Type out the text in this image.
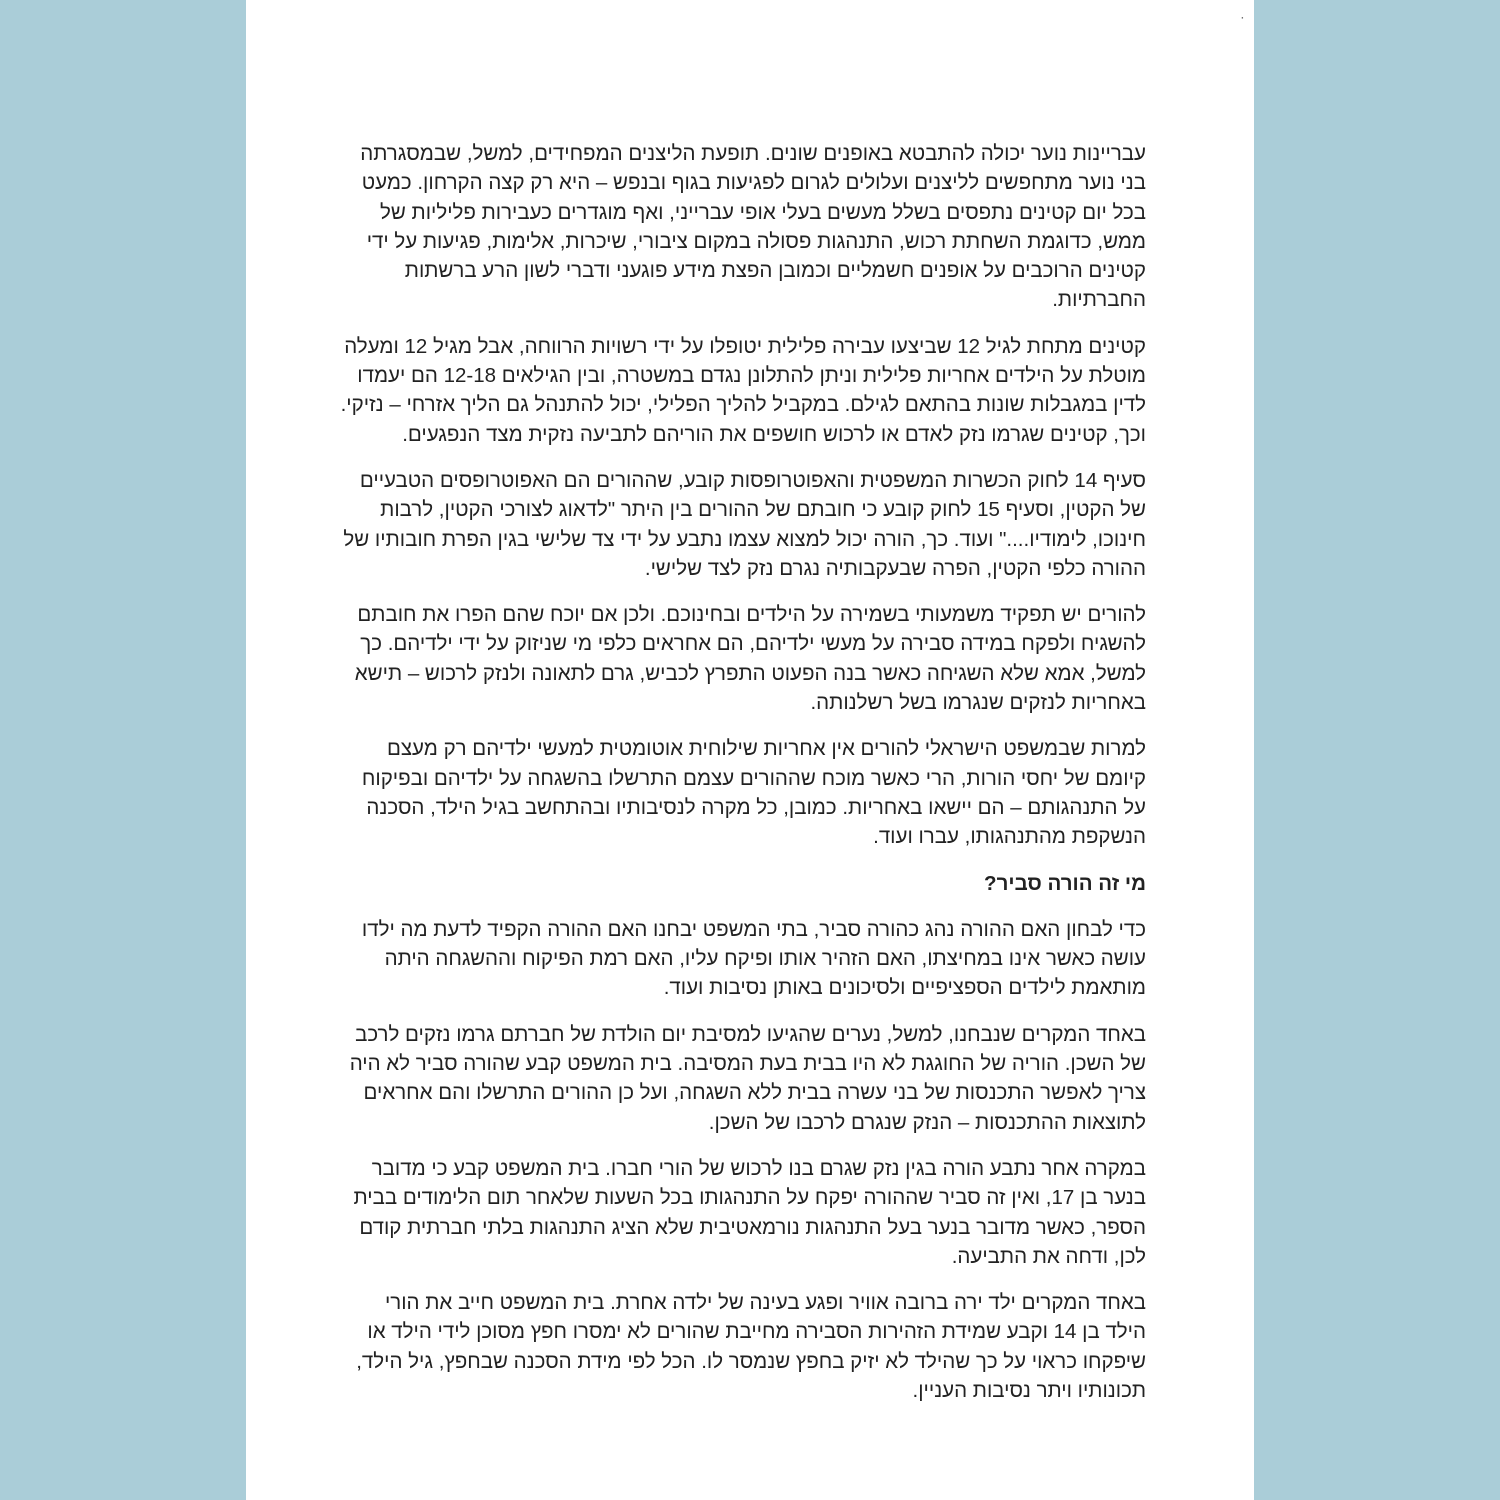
עבריינות נוער יכולה להתבטא באופנים שונים. תופעת הליצנים המפחידים, למשל, שבמסגרתה בני נוער מתחפשים לליצנים ועלולים לגרום לפגיעות בגוף ובנפש – היא רק קצה הקרחון. כמעט בכל יום קטינים נתפסים בשלל מעשים בעלי אופי עברייני, ואף מוגדרים כעבירות פליליות של ממש, כדוגמת השחתת רכוש, התנהגות פסולה במקום ציבורי, שיכרות, אלימות, פגיעות על ידי קטינים הרוכבים על אופנים חשמליים וכמובן הפצת מידע פוגעני ודברי לשון הרע ברשתות החברתיות.

קטינים מתחת לגיל 12 שביצעו עבירה פלילית יטופלו על ידי רשויות הרווחה, אבל מגיל 12 ומעלה מוטלת על הילדים אחריות פלילית וניתן להתלונן נגדם במשטרה, ובין הגילאים 12-18 הם יעמדו לדין במגבלות שונות בהתאם לגילם. במקביל להליך הפלילי, יכול להתנהל גם הליך אזרחי – נזיקי. וכך, קטינים שגרמו נזק לאדם או לרכוש חושפים את הוריהם לתביעה נזקית מצד הנפגעים.

סעיף 14 לחוק הכשרות המשפטית והאפוטרופסות קובע, שההורים הם האפוטרופסים הטבעיים של הקטין, וסעיף 15 לחוק קובע כי חובתם של ההורים בין היתר "לדאוג לצורכי הקטין, לרבות חינוכו, לימודיו...." ועוד. כך, הורה יכול למצוא עצמו נתבע על ידי צד שלישי בגין הפרת חובותיו של ההורה כלפי הקטין, הפרה שבעקבותיה נגרם נזק לצד שלישי.

להורים יש תפקיד משמעותי בשמירה על הילדים ובחינוכם. ולכן אם יוכח שהם הפרו את חובתם להשגיח ולפקח במידה סבירה על מעשי ילדיהם, הם אחראים כלפי מי שניזוק על ידי ילדיהם. כך למשל, אמא שלא השגיחה כאשר בנה הפעוט התפרץ לכביש, גרם לתאונה ולנזק לרכוש – תישא באחריות לנזקים שנגרמו בשל רשלנותה.

למרות שבמשפט הישראלי להורים אין אחריות שילוחית אוטומטית למעשי ילדיהם רק מעצם קיומם של יחסי הורות, הרי כאשר מוכח שההורים עצמם התרשלו בהשגחה על ילדיהם ובפיקוח על התנהגותם – הם יישאו באחריות. כמובן, כל מקרה לנסיבותיו ובהתחשב בגיל הילד, הסכנה הנשקפת מהתנהגותו, עברו ועוד.

מי זה הורה סביר?

כדי לבחון האם ההורה נהג כהורה סביר, בתי המשפט יבחנו האם ההורה הקפיד לדעת מה ילדו עושה כאשר אינו במחיצתו, האם הזהיר אותו ופיקח עליו, האם רמת הפיקוח וההשגחה היתה מותאמת לילדים הספציפיים ולסיכונים באותן נסיבות ועוד.

באחד המקרים שנבחנו, למשל, נערים שהגיעו למסיבת יום הולדת של חברתם גרמו נזקים לרכב של השכן. הוריה של החוגגת לא היו בבית בעת המסיבה. בית המשפט קבע שהורה סביר לא היה צריך לאפשר התכנסות של בני עשרה בבית ללא השגחה, ועל כן ההורים התרשלו והם אחראים לתוצאות ההתכנסות – הנזק שנגרם לרכבו של השכן.

במקרה אחר נתבע הורה בגין נזק שגרם בנו לרכוש של הורי חברו. בית המשפט קבע כי מדובר בנער בן 17, ואין זה סביר שההורה יפקח על התנהגותו בכל השעות שלאחר תום הלימודים בבית הספר, כאשר מדובר בנער בעל התנהגות נורמאטיבית שלא הציג התנהגות בלתי חברתית קודם לכן, ודחה את התביעה.

באחד המקרים ילד ירה ברובה אוויר ופגע בעינה של ילדה אחרת. בית המשפט חייב את הורי הילד בן 14 וקבע שמידת הזהירות הסבירה מחייבת שהורים לא ימסרו חפץ מסוכן לידי הילד או שיפקחו כראוי על כך שהילד לא יזיק בחפץ שנמסר לו. הכל לפי מידת הסכנה שבחפץ, גיל הילד, תכונותיו ויתר נסיבות העניין.
